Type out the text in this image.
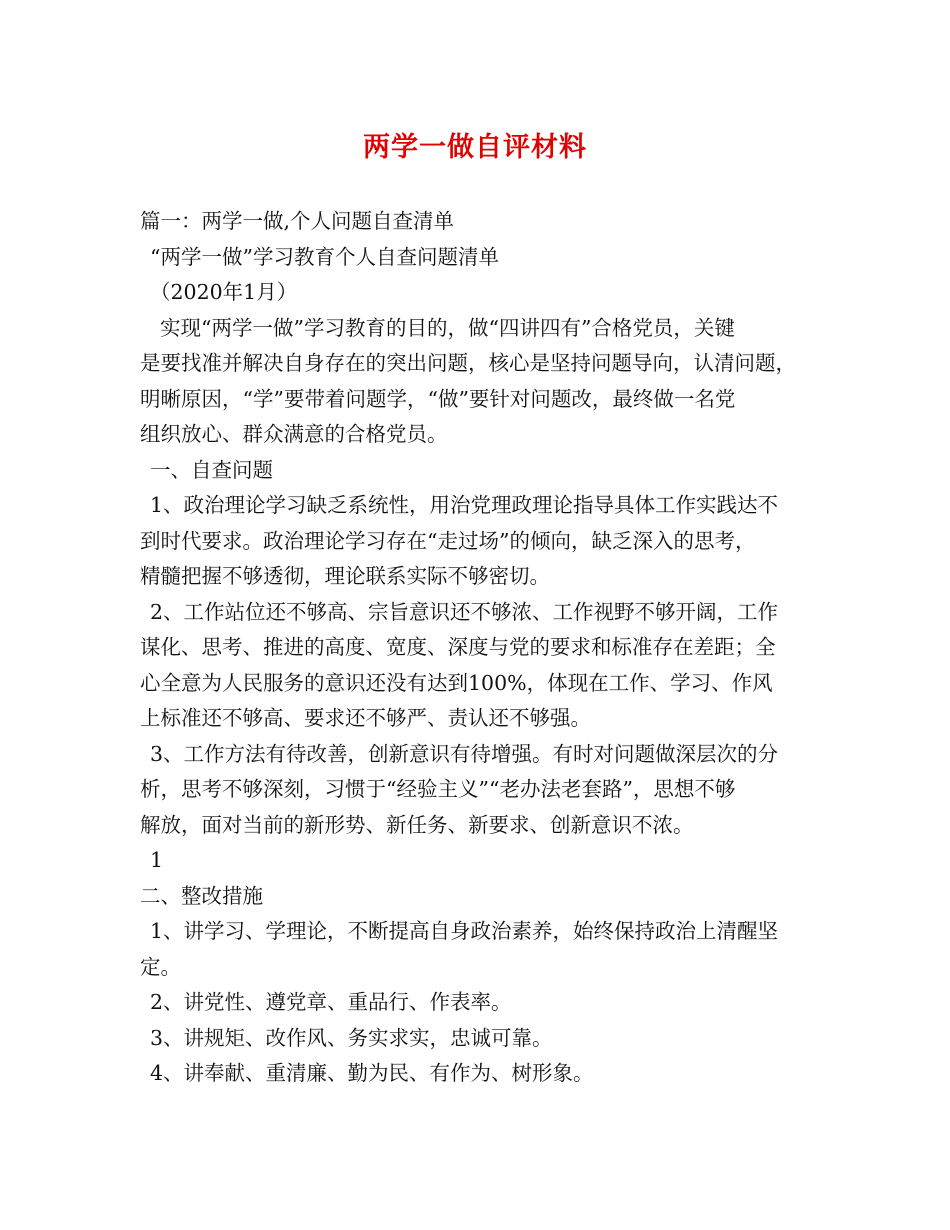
两学一做自评材料
篇一：两学一做,个人问题自查清单
“两学一做”学习教育个人自查问题清单
（2020年1月）
实现“两学一做”学习教育的目的，做“四讲四有”合格党员，关键
是要找准并解决自身存在的突出问题，核心是坚持问题导向，认清问题，
明晰原因，“学”要带着问题学，“做”要针对问题改，最终做一名党
组织放心、群众满意的合格党员。
一、自查问题
1、政治理论学习缺乏系统性，用治党理政理论指导具体工作实践达不
到时代要求。政治理论学习存在“走过场”的倾向，缺乏深入的思考，
精髓把握不够透彻，理论联系实际不够密切。
2、工作站位还不够高、宗旨意识还不够浓、工作视野不够开阔，工作
谋化、思考、推进的高度、宽度、深度与党的要求和标准存在差距；全
心全意为人民服务的意识还没有达到100%，体现在工作、学习、作风
上标准还不够高、要求还不够严、责认还不够强。
3、工作方法有待改善，创新意识有待增强。有时对问题做深层次的分
析，思考不够深刻，习惯于“经验主义”“老办法老套路”，思想不够
解放，面对当前的新形势、新任务、新要求、创新意识不浓。
1
二、整改措施
1、讲学习、学理论，不断提高自身政治素养，始终保持政治上清醒坚
定。
2、讲党性、遵党章、重品行、作表率。
3、讲规矩、改作风、务实求实，忠诚可靠。
4、讲奉献、重清廉、勤为民、有作为、树形象。
